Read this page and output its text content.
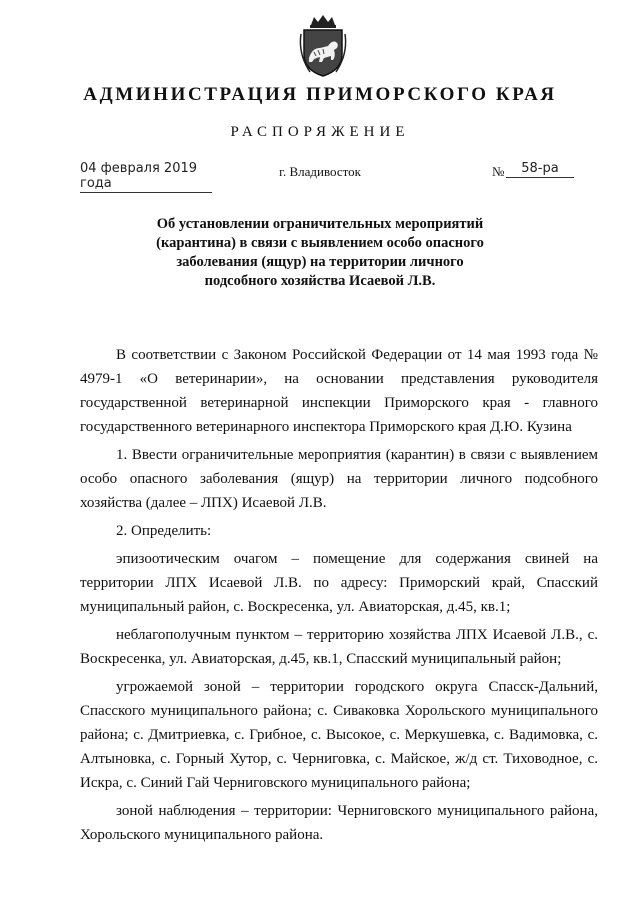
АДМИНИСТРАЦИЯ ПРИМОРСКОГО КРАЯ
РАСПОРЯЖЕНИЕ
04 февраля 2019 года
г. Владивосток	№	58-ра
Об установлении ограничительных мероприятий (карантина) в связи с выявлением особо опасного заболевания (ящур) на территории личного подсобного хозяйства Исаевой Л.В.

В соответствии с Законом Российской Федерации от 14 мая 1993 года № 4979-1 «О ветеринарии», на основании представления руководителя государственной ветеринарной инспекции Приморского края - главного государственного ветеринарного инспектора Приморского края Д.Ю. Кузина

1. Ввести ограничительные мероприятия (карантин) в связи с выявлением особо опасного заболевания (ящур) на территории личного подсобного хозяйства (далее – ЛПХ) Исаевой Л.В.

2. Определить:

эпизоотическим очагом – помещение для содержания свиней на территории ЛПХ Исаевой Л.В. по адресу: Приморский край, Спасский муниципальный район, с. Воскресенка, ул. Авиаторская, д.45, кв.1;

неблагополучным пунктом – территорию хозяйства ЛПХ Исаевой Л.В., с. Воскресенка, ул. Авиаторская, д.45, кв.1, Спасский муниципальный район;

угрожаемой зоной – территории городского округа Спасск-Дальний, Спасского муниципального района; с. Сиваковка Хорольского муниципального района; с. Дмитриевка, с. Грибное, с. Высокое, с. Меркушевка, с. Вадимовка, с. Алтыновка, с. Горный Хутор, с. Черниговка, с. Майское, ж/д ст. Тиховодное, с. Искра, с. Синий Гай Черниговского муниципального района;

зоной наблюдения – территории: Черниговского муниципального района, Хорольского муниципального района.
